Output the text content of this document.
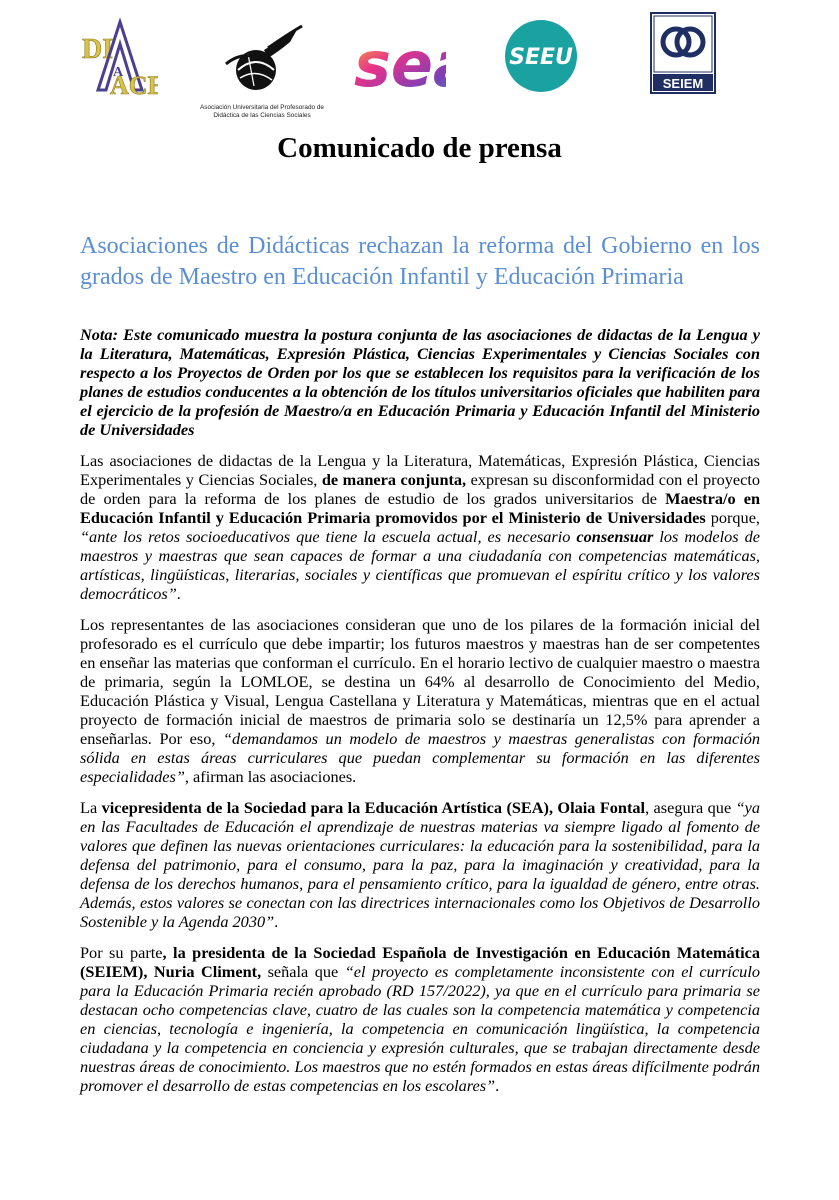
DI
A
ACE
Asociación Universitaria del Profesorado de
Didáctica de las Ciencias Sociales
se	SEEU
SEIEM
Comunicado de prensa
Asociaciones de Didácticas rechazan la reforma del Gobierno en los grados de Maestro en Educación Infantil y Educación Primaria

Nota: Este comunicado muestra la postura conjunta de las asociaciones de didactas de la Lengua y la Literatura, Matemáticas, Expresión Plástica, Ciencias Experimentales y Ciencias Sociales con respecto a los Proyectos de Orden por los que se establecen los requisitos para la verificación de los planes de estudios conducentes a la obtención de los títulos universitarios oficiales que habiliten para el ejercicio de la profesión de Maestro/a en Educación Primaria y Educación Infantil del Ministerio de Universidades

Las asociaciones de didactas de la Lengua y la Literatura, Matemáticas, Expresión Plástica, Ciencias Experimentales y Ciencias Sociales, de manera conjunta, expresan su disconformidad con el proyecto de orden para la reforma de los planes de estudio de los grados universitarios de Maestra/o en Educación Infantil y Educación Primaria promovidos por el Ministerio de Universidades porque, “ante los retos socioeducativos que tiene la escuela actual, es necesario consensuar los modelos de maestros y maestras que sean capaces de formar a una ciudadanía con competencias matemáticas, artísticas, lingüísticas, literarias, sociales y científicas que promuevan el espíritu crítico y los valores democráticos”.

Los representantes de las asociaciones consideran que uno de los pilares de la formación inicial del profesorado es el currículo que debe impartir; los futuros maestros y maestras han de ser competentes en enseñar las materias que conforman el currículo. En el horario lectivo de cualquier maestro o maestra de primaria, según la LOMLOE, se destina un 64% al desarrollo de Conocimiento del Medio, Educación Plástica y Visual, Lengua Castellana y Literatura y Matemáticas, mientras que en el actual proyecto de formación inicial de maestros de primaria solo se destinaría un 12,5% para aprender a enseñarlas. Por eso, “demandamos un modelo de maestros y maestras generalistas con formación sólida en estas áreas curriculares que puedan complementar su formación en las diferentes especialidades”, afirman las asociaciones.

La vicepresidenta de la Sociedad para la Educación Artística (SEA), Olaia Fontal, asegura que “ya en las Facultades de Educación el aprendizaje de nuestras materias va siempre ligado al fomento de valores que definen las nuevas orientaciones curriculares: la educación para la sostenibilidad, para la defensa del patrimonio, para el consumo, para la paz, para la imaginación y creatividad, para la defensa de los derechos humanos, para el pensamiento crítico, para la igualdad de género, entre otras. Además, estos valores se conectan con las directrices internacionales como los Objetivos de Desarrollo Sostenible y la Agenda 2030”.

Por su parte, la presidenta de la Sociedad Española de Investigación en Educación Matemática (SEIEM), Nuria Climent, señala que “el proyecto es completamente inconsistente con el currículo para la Educación Primaria recién aprobado (RD 157/2022), ya que en el currículo para primaria se destacan ocho competencias clave, cuatro de las cuales son la competencia matemática y competencia en ciencias, tecnología e ingeniería, la competencia en comunicación lingüística, la competencia ciudadana y la competencia en conciencia y expresión culturales, que se trabajan directamente desde nuestras áreas de conocimiento. Los maestros que no estén formados en estas áreas difícilmente podrán promover el desarrollo de estas competencias en los escolares”.
